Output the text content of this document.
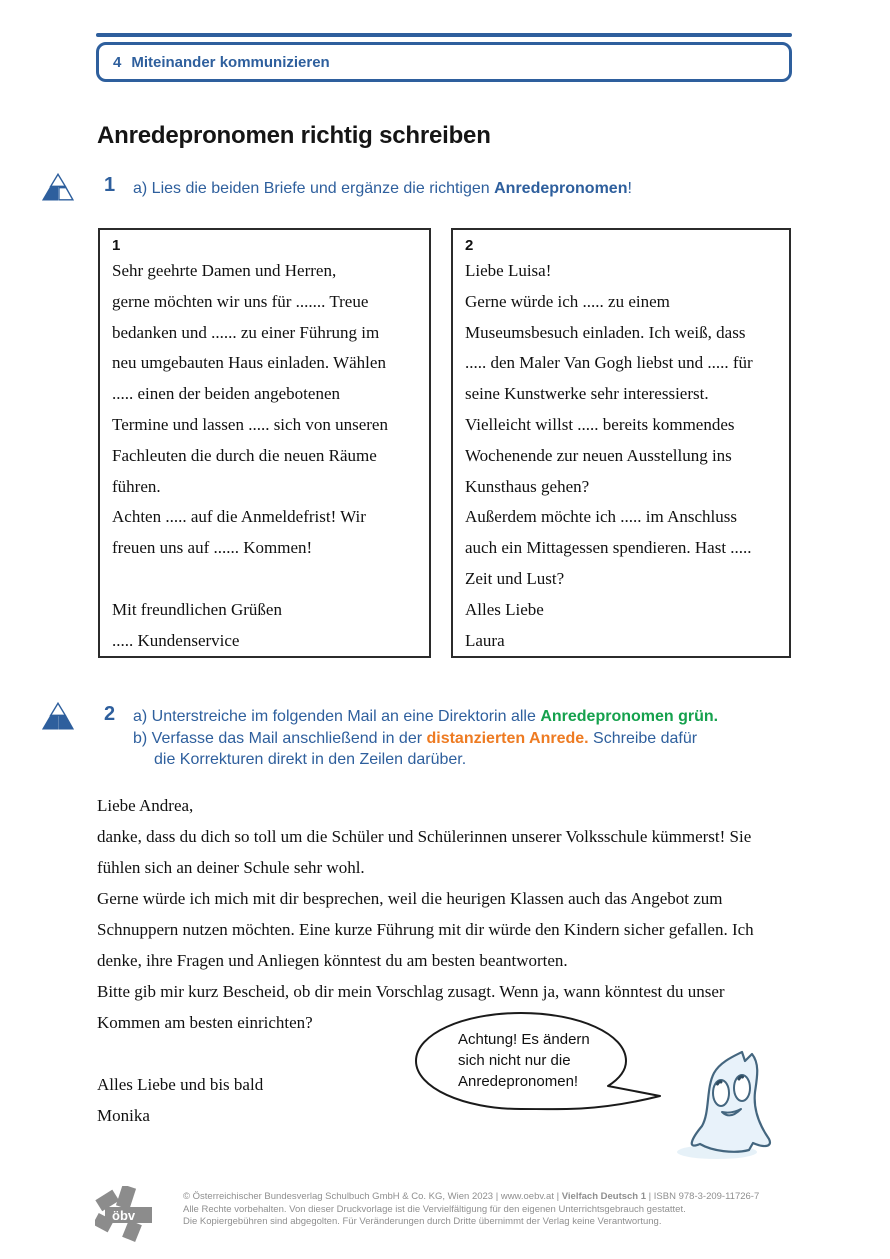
4 Miteinander kommunizieren
Anredepronomen richtig schreiben
1 a) Lies die beiden Briefe und ergänze die richtigen Anredepronomen!
1
Sehr geehrte Damen und Herren,
gerne möchten wir uns für ....... Treue
bedanken und ...... zu einer Führung im
neu umgebauten Haus einladen. Wählen
..... einen der beiden angebotenen
Termine und lassen ..... sich von unseren
Fachleuten die durch die neuen Räume
führen.
Achten ..... auf die Anmeldefrist! Wir
freuen uns auf ...... Kommen!

Mit freundlichen Grüßen
..... Kundenservice
2
Liebe Luisa!
Gerne würde ich ..... zu einem
Museumsbesuch einladen. Ich weiß, dass
..... den Maler Van Gogh liebst und ..... für
seine Kunstwerke sehr interessierst.
Vielleicht willst ..... bereits kommendes
Wochenende zur neuen Ausstellung ins
Kunsthaus gehen?
Außerdem möchte ich ..... im Anschluss
auch ein Mittagessen spendieren. Hast .....
Zeit und Lust?
Alles Liebe
Laura
2 a) Unterstreiche im folgenden Mail an eine Direktorin alle Anredepronomen grün.
b) Verfasse das Mail anschließend in der distanzierten Anrede. Schreibe dafür
die Korrekturen direkt in den Zeilen darüber.
Liebe Andrea,
danke, dass du dich so toll um die Schüler und Schülerinnen unserer Volksschule kümmerst! Sie
fühlen sich an deiner Schule sehr wohl.
Gerne würde ich mich mit dir besprechen, weil die heurigen Klassen auch das Angebot zum
Schnuppern nutzen möchten. Eine kurze Führung mit dir würde den Kindern sicher gefallen. Ich
denke, ihre Fragen und Anliegen könntest du am besten beantworten.
Bitte gib mir kurz Bescheid, ob dir mein Vorschlag zusagt. Wenn ja, wann könntest du unser
Kommen am besten einrichten?

Alles Liebe und bis bald
Monika
Achtung! Es ändern
sich nicht nur die
Anredepronomen!
öbv
© Österreichischer Bundesverlag Schulbuch GmbH & Co. KG, Wien 2023 | www.oebv.at | Vielfach Deutsch 1 | ISBN 978-3-209-11726-7
Alle Rechte vorbehalten. Von dieser Druckvorlage ist die Vervielfältigung für den eigenen Unterrichtsgebrauch gestattet.
Die Kopiergebühren sind abgegolten. Für Veränderungen durch Dritte übernimmt der Verlag keine Verantwortung.
